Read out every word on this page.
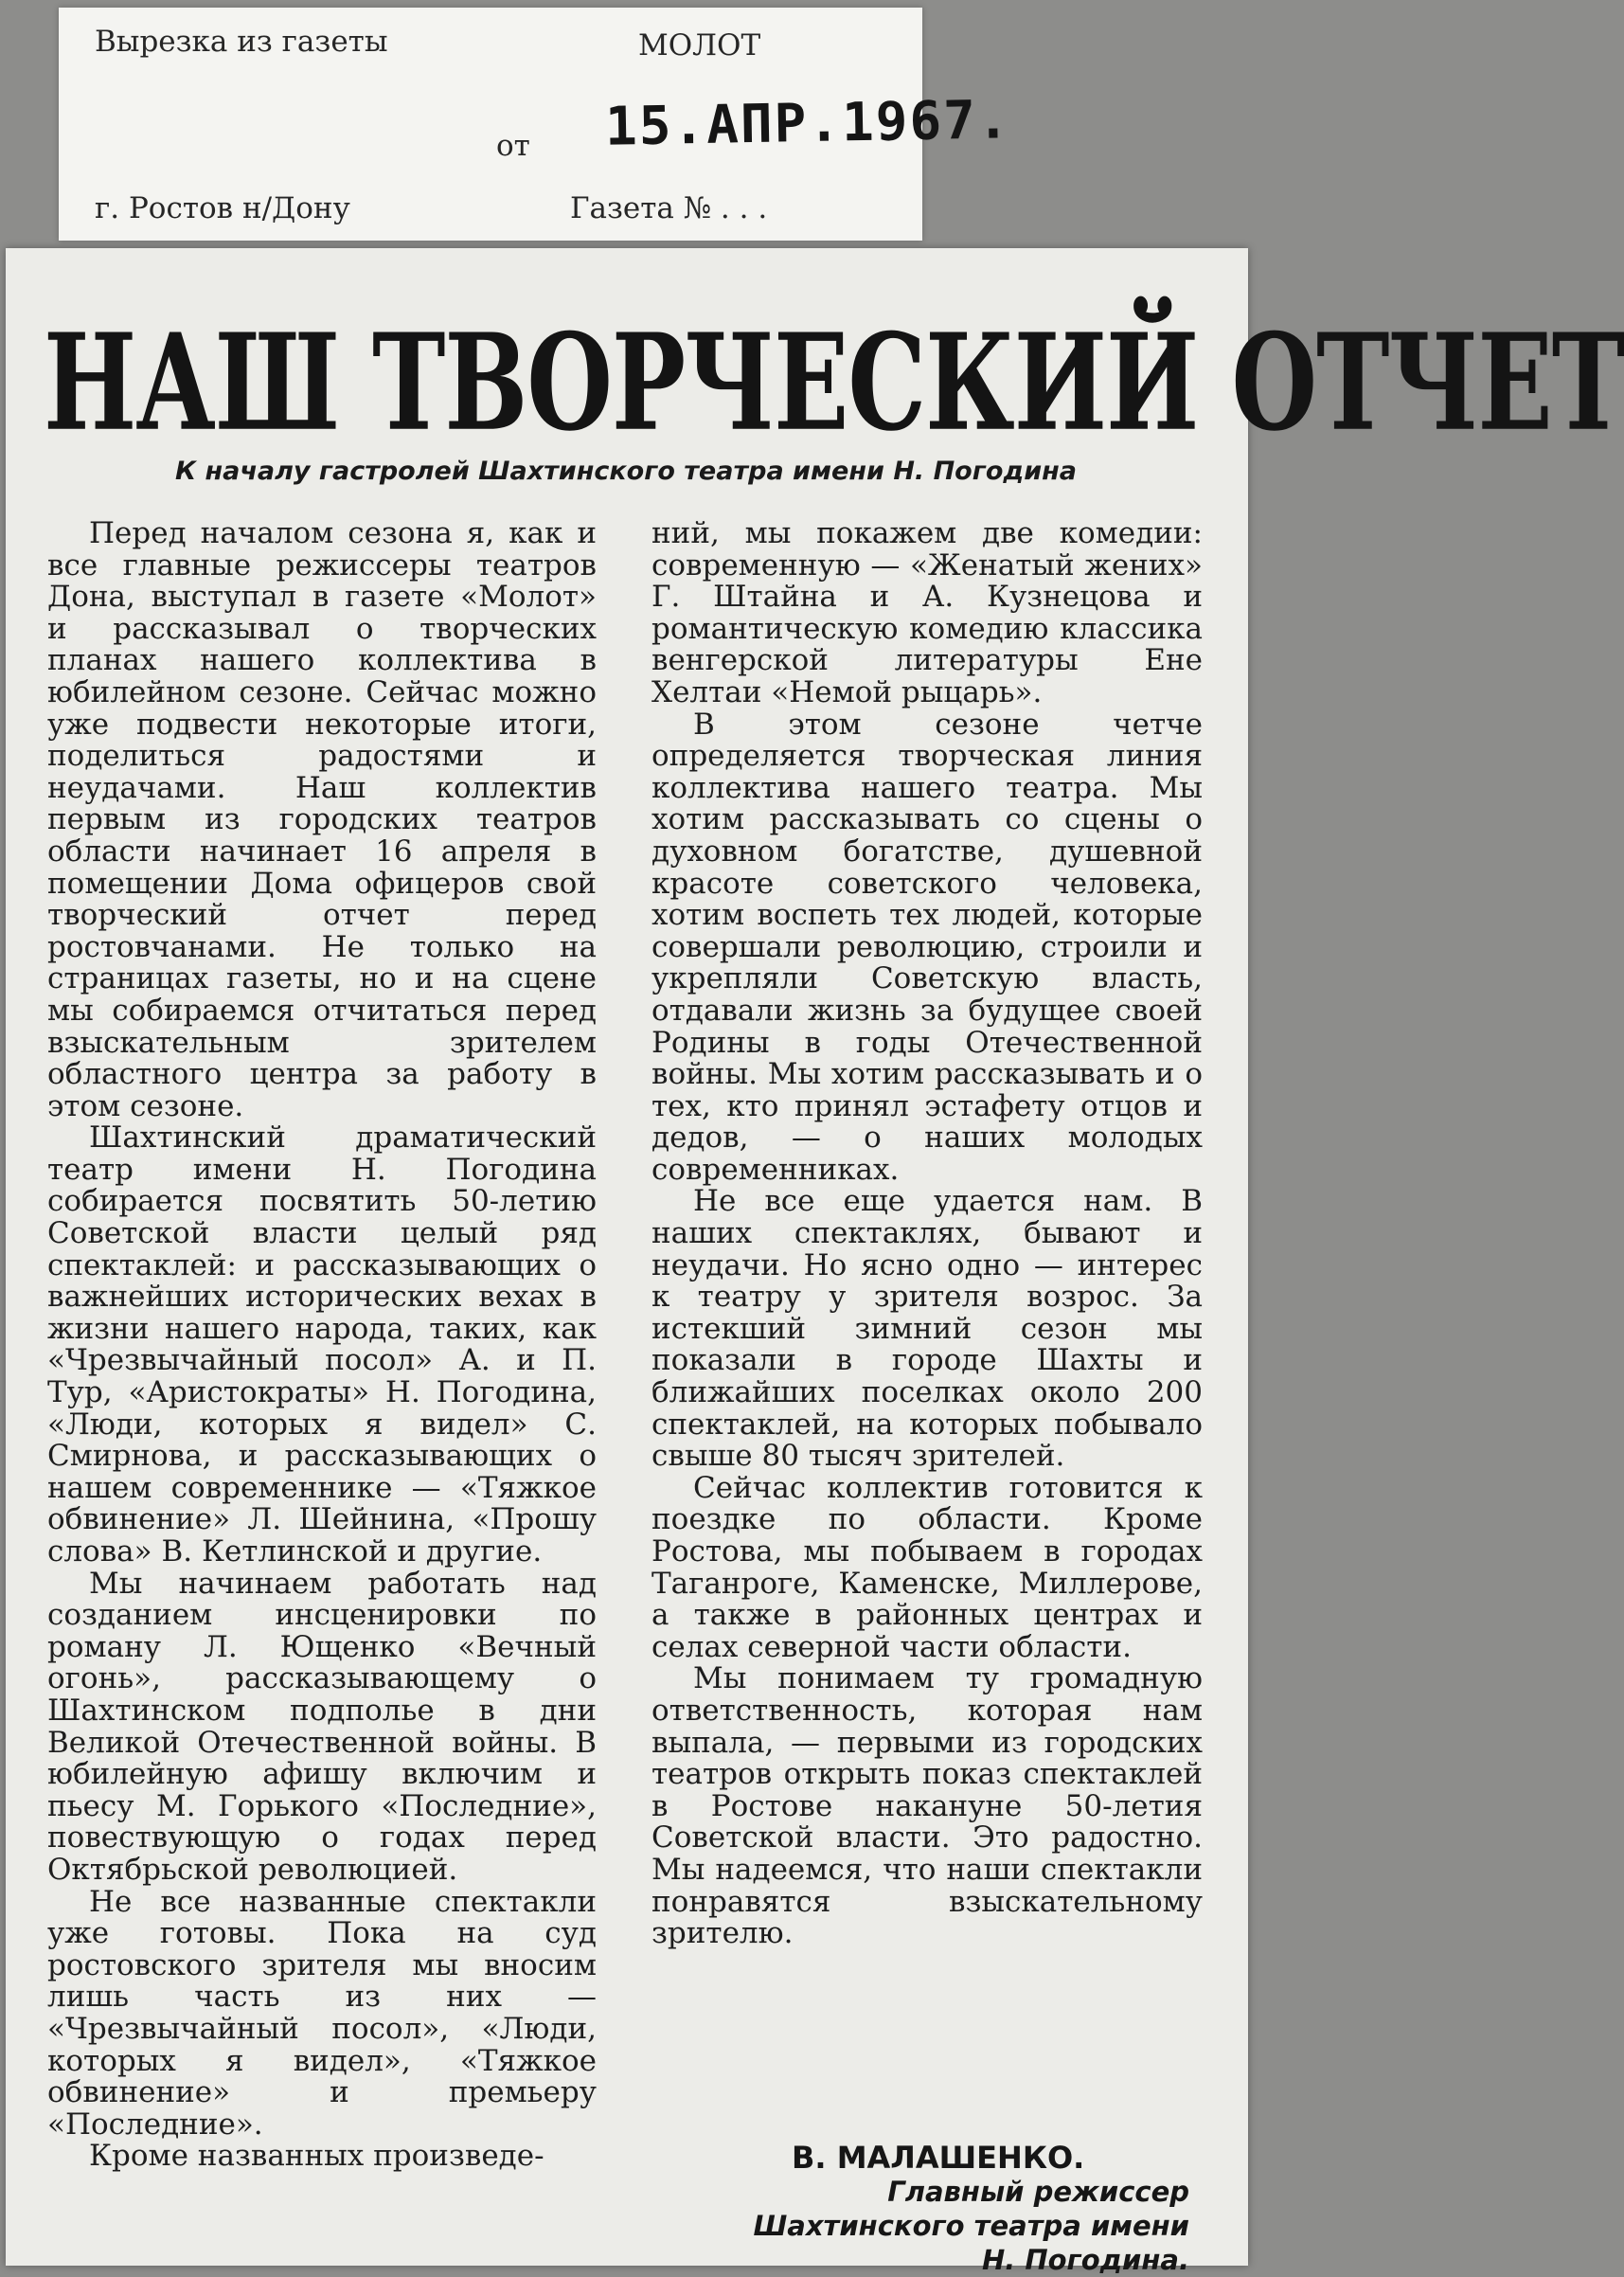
Вырезка из газеты	МОЛОТ
от 15.АПР.1967.
г. Ростов н/Дону	Газета № . . .
НАШ ТВОРЧЕСКИЙ ОТЧЕТ
К началу гастролей Шахтинского театра имени Н. Погодина

Перед началом сезона я, как и все главные режиссеры театров Дона, выступал в газете «Молот» и рассказывал о творческих планах нашего коллектива в юбилейном сезоне. Сейчас можно уже подвести некоторые итоги, поделиться радостями и неудачами. Наш коллектив первым из городских театров области начинает 16 апреля в помещении Дома офицеров свой творческий отчет перед ростовчанами. Не только на страницах газеты, но и на сцене мы собираемся отчитаться перед взыскательным зрителем областного центра за работу в этом сезоне.

Шахтинский драматический театр имени Н. Погодина собирается посвятить 50-летию Советской власти целый ряд спектаклей: и рассказывающих о важнейших исторических вехах в жизни нашего народа, таких, как «Чрезвычайный посол» А. и П. Тур, «Аристократы» Н. Погодина, «Люди, которых я видел» С. Смирнова, и рассказывающих о нашем современнике — «Тяжкое обвинение» Л. Шейнина, «Прошу слова» В. Кетлинской и другие.

Мы начинаем работать над созданием инсценировки по роману Л. Ющенко «Вечный огонь», рассказывающему о Шахтинском подполье в дни Великой Отечественной войны. В юбилейную афишу включим и пьесу М. Горького «Последние», повествующую о годах перед Октябрьской революцией.

Не все названные спектакли уже готовы. Пока на суд ростовского зрителя мы вносим лишь часть из них — «Чрезвычайный посол», «Люди, которых я видел», «Тяжкое обвинение» и премьеру «Последние».

Кроме названных произведе-

ний, мы покажем две комедии: современную — «Женатый жених» Г. Штайна и А. Кузнецова и романтическую комедию классика венгерской литературы Ене Хелтаи «Немой рыцарь».

В этом сезоне четче определяется творческая линия коллектива нашего театра. Мы хотим рассказывать со сцены о духовном богатстве, душевной красоте советского человека, хотим воспеть тех людей, которые совершали революцию, строили и укрепляли Советскую власть, отдавали жизнь за будущее своей Родины в годы Отечественной войны. Мы хотим рассказывать и о тех, кто принял эстафету отцов и дедов, — о наших молодых современниках.

Не все еще удается нам. В наших спектаклях, бывают и неудачи. Но ясно одно — интерес к театру у зрителя возрос. За истекший зимний сезон мы показали в городе Шахты и ближайших поселках около 200 спектаклей, на которых побывало свыше 80 тысяч зрителей.

Сейчас коллектив готовится к поездке по области. Кроме Ростова, мы побываем в городах Таганроге, Каменске, Миллерове, а также в районных центрах и селах северной части области.

Мы понимаем ту громадную ответственность, которая нам выпала, — первыми из городских театров открыть показ спектаклей в Ростове накануне 50-летия Советской власти. Это радостно. Мы надеемся, что наши спектакли понравятся взыскательному зрителю.

В. МАЛАШЕНКО.
Главный режиссер
Шахтинского театра имени
Н. Погодина.
